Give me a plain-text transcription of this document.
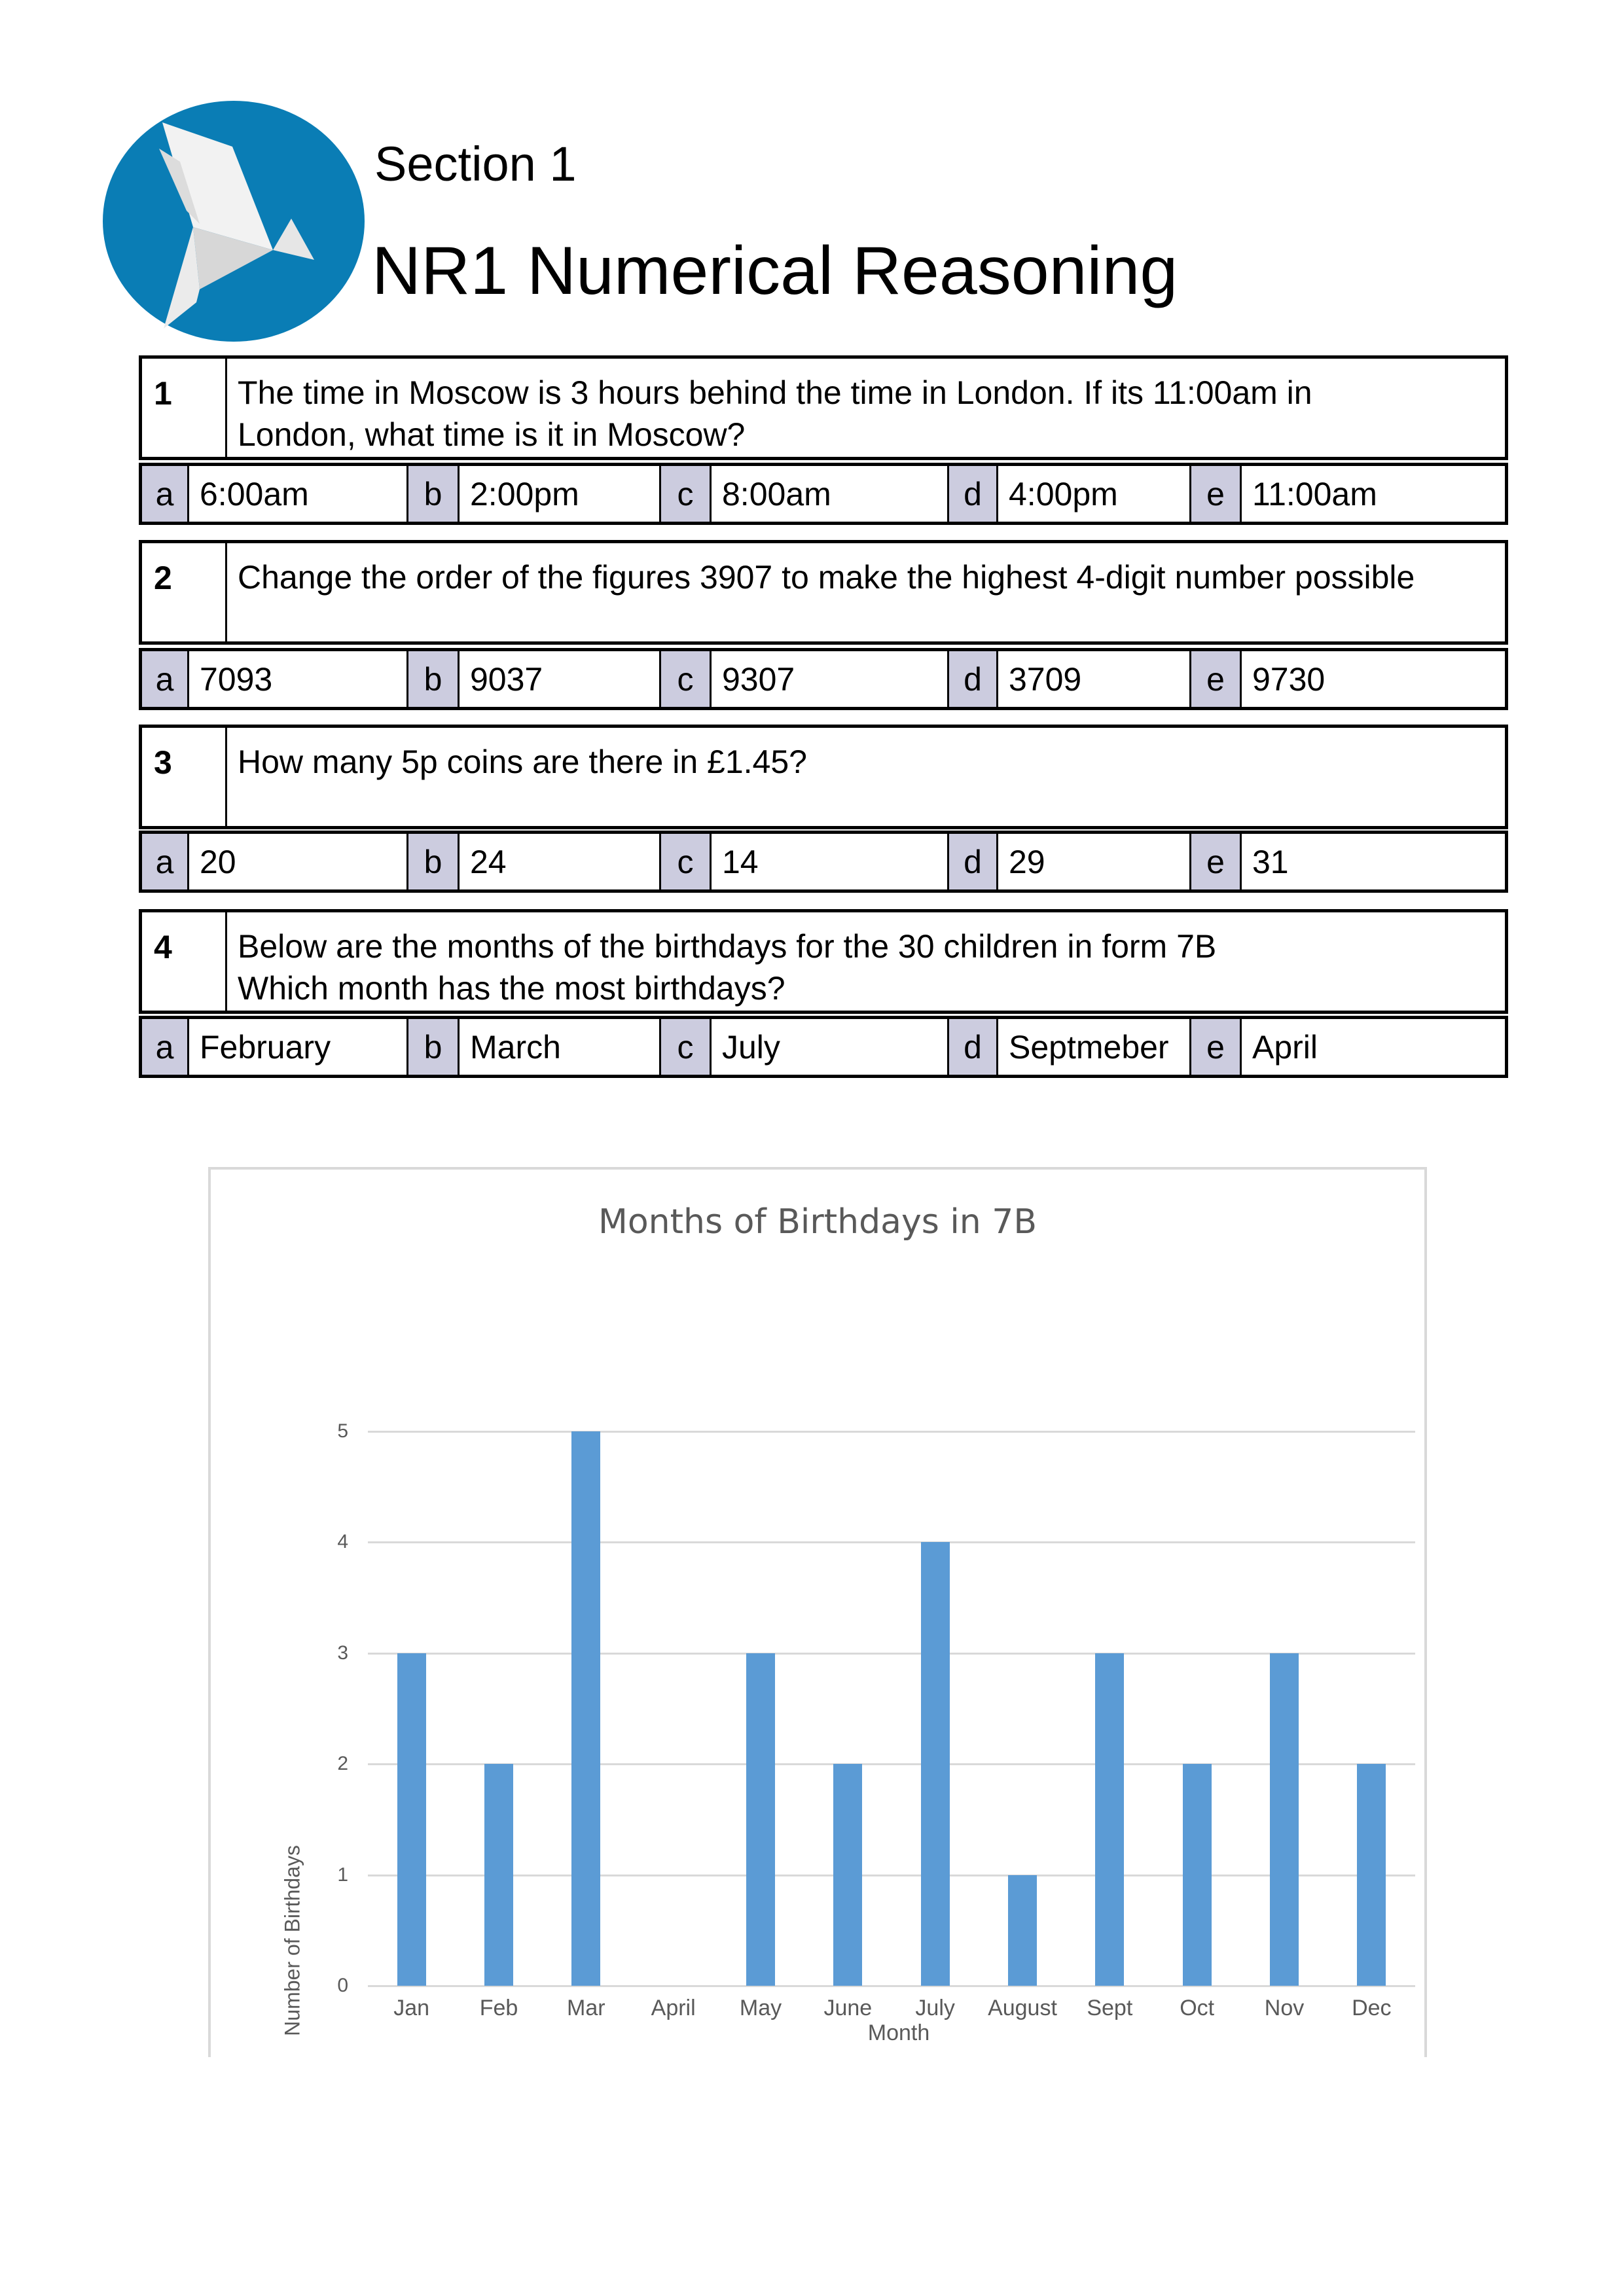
Section 1
NR1 Numerical Reasoning
1	The time in Moscow is 3 hours behind the time in London. If its 11:00am in London, what time is it in Moscow?
a 6:00am	b 2:00pm	c 8:00am	d 4:00pm	e 11:00am
2	Change the order of the figures 3907 to make the highest 4-digit number possible
a 7093	b 9037	c 9307	d 3709	e 9730
3	How many 5p coins are there in £1.45?
a 20	b 24	c 14	d 29	e 31
4	Below are the months of the birthdays for the 30 children in form 7B
Which month has the most birthdays?
a February	b March	c July	d Septmeber	e April
Months of Birthdays in 7B
0
1
2
3
4
5
Jan	Feb	Mar	April	May	June	July	August	Sept	Oct	Nov	Dec
Number of Birthdays	Month
